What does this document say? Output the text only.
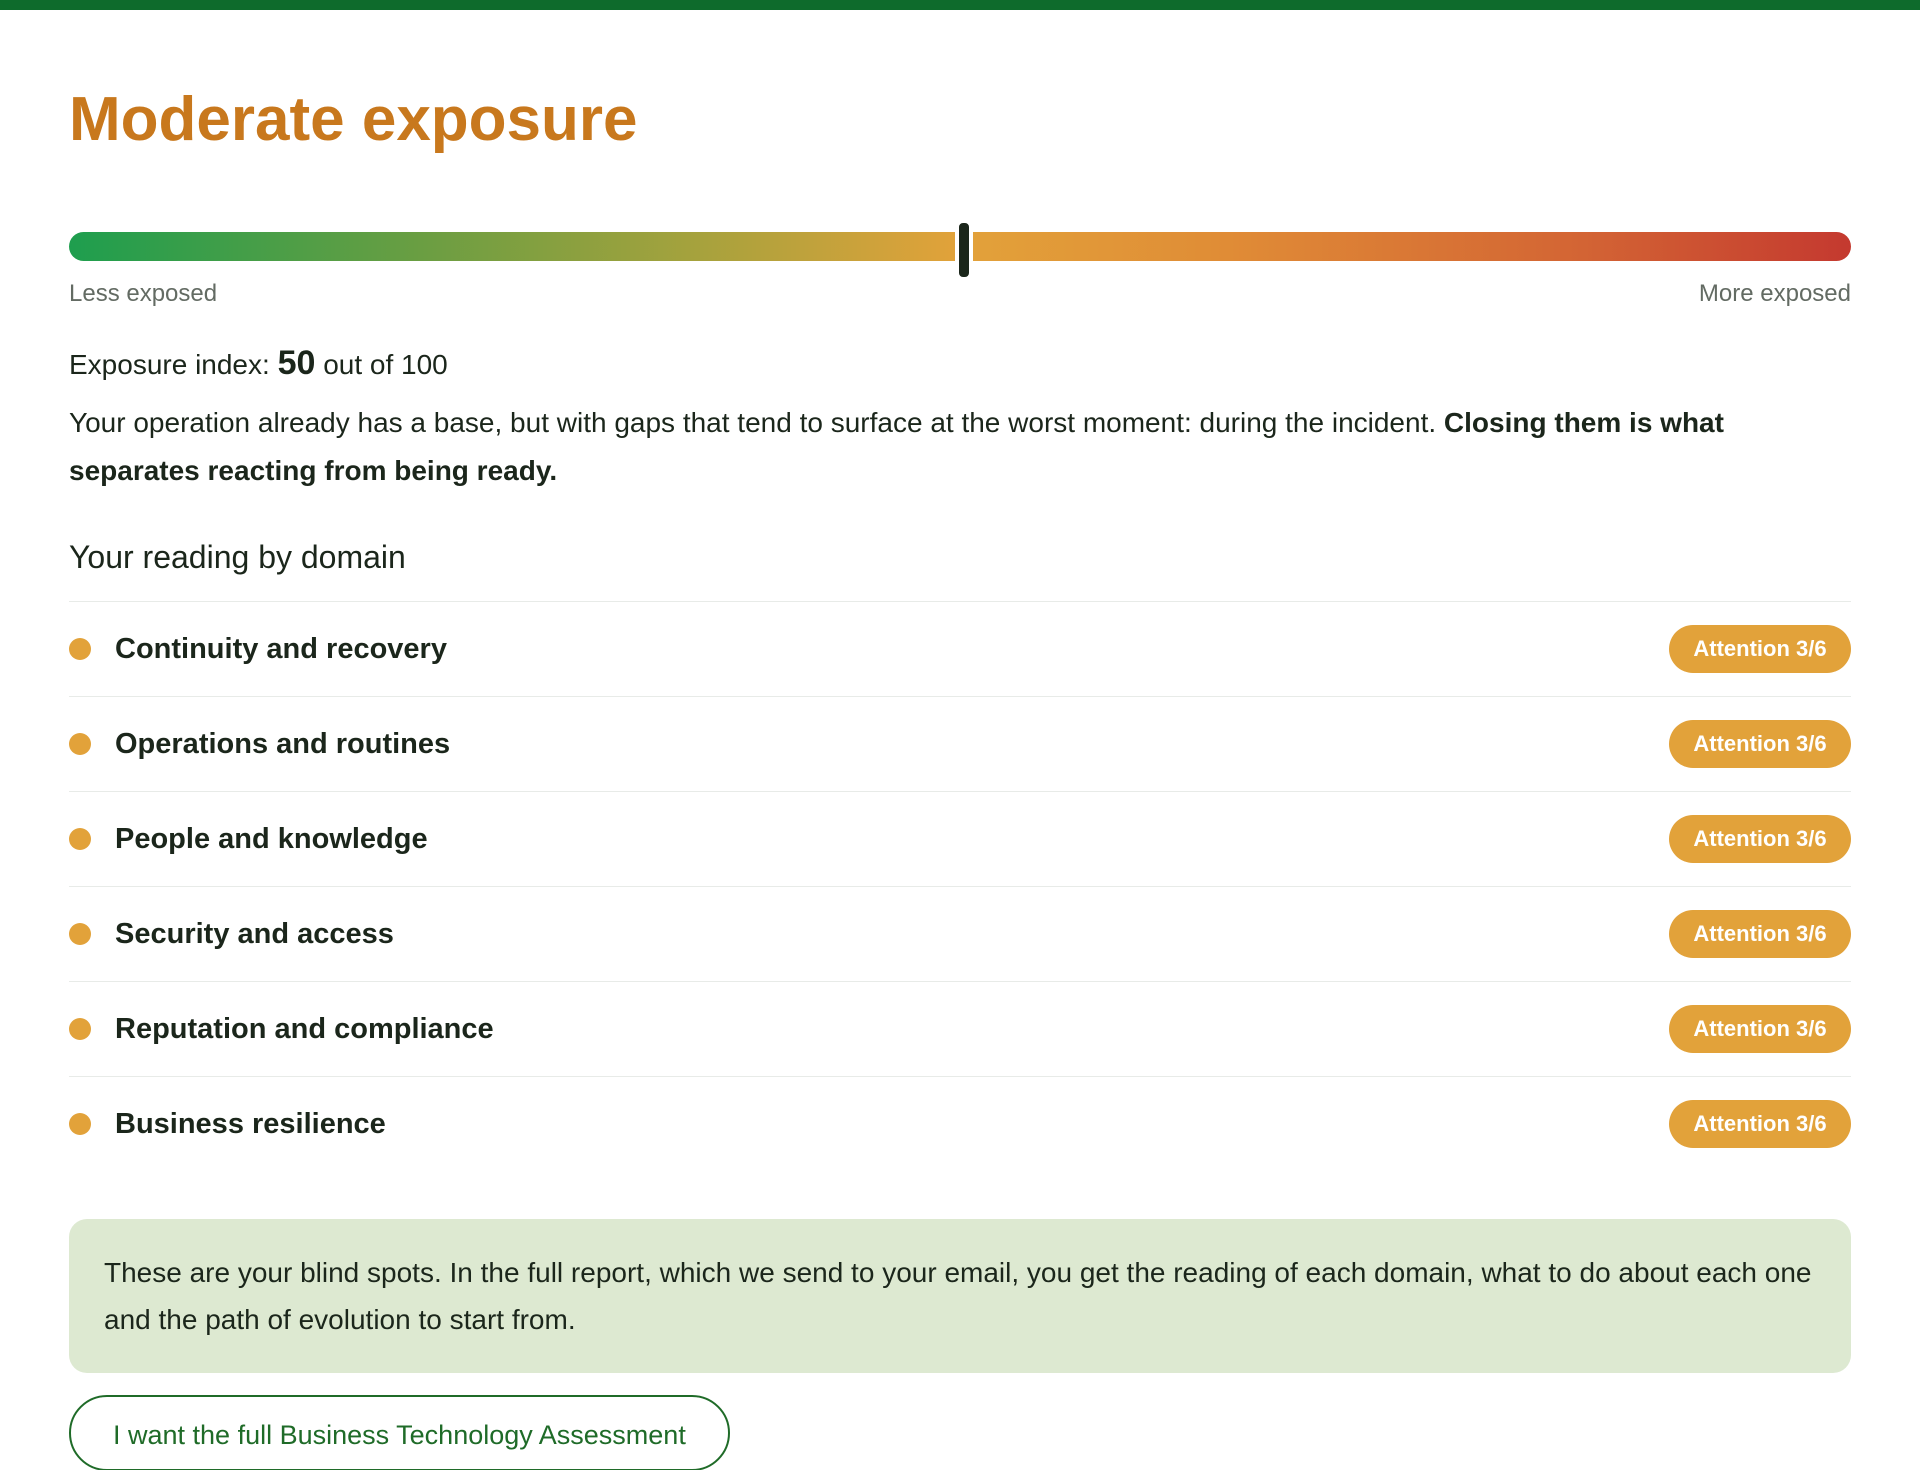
Moderate exposure
Less exposed	More exposed
Exposure index: 50 out of 100

Your operation already has a base, but with gaps that tend to surface at the worst moment: during the incident. Closing them is what separates reacting from being ready.

Your reading by domain
Continuity and recovery	Attention 3/6
Operations and routines	Attention 3/6
People and knowledge	Attention 3/6
Security and access	Attention 3/6
Reputation and compliance	Attention 3/6
Business resilience	Attention 3/6
These are your blind spots. In the full report, which we send to your email, you get the reading of each domain, what to do about each one and the path of evolution to start from.
I want the full Business Technology Assessment
